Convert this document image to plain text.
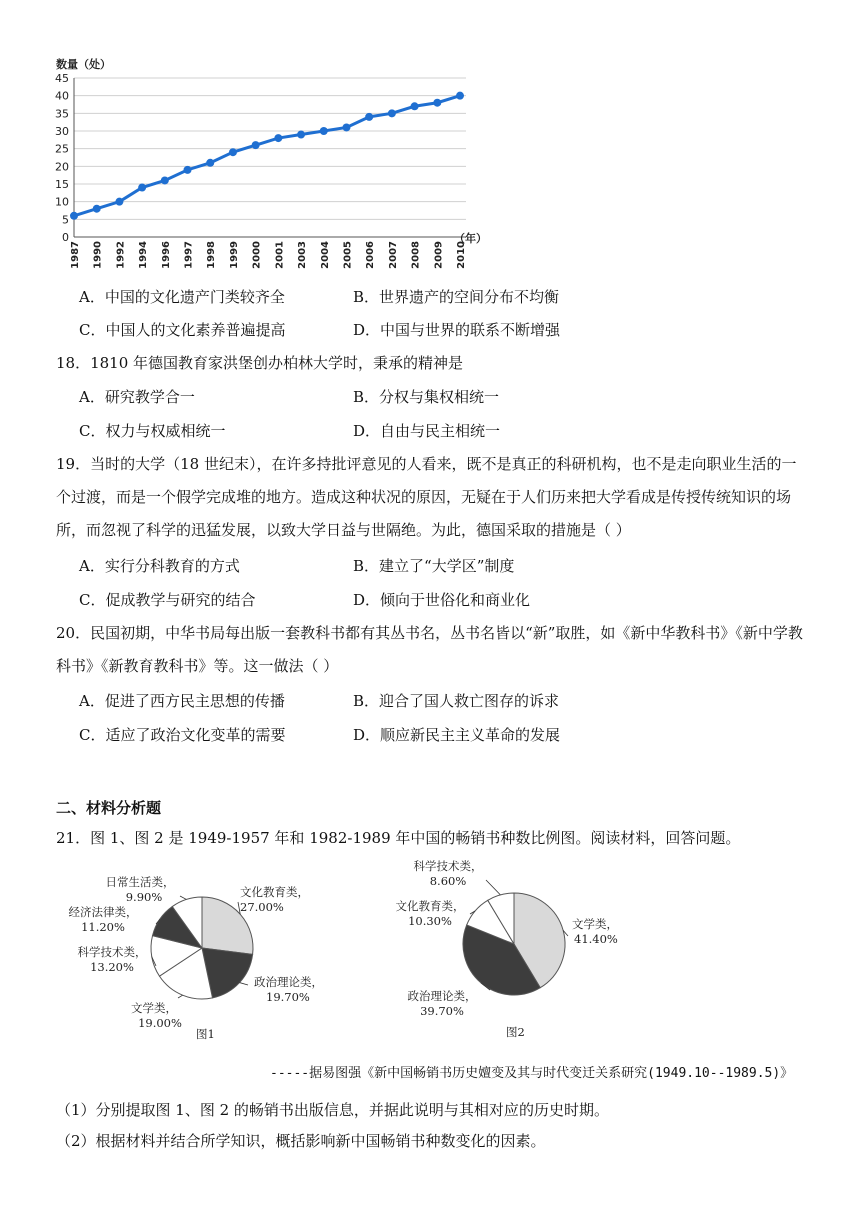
0
5
10
15
20
25
30
35
40
45
1987 1990 1992 1994 1996 1997 1998 1999 2000 2001 2003 2004 2005 2006 2007 2008 2009 2010
数量（处）
（年）
A．中国的文化遗产门类较齐全	B．世界遗产的空间分布不均衡
C．中国人的文化素养普遍提高	D．中国与世界的联系不断增强
18．1810 年德国教育家洪堡创办柏林大学时，秉承的精神是
A．研究教学合一	B．分权与集权相统一
C．权力与权威相统一	D．自由与民主相统一
19．当时的大学（18 世纪末），在许多持批评意见的人看来，既不是真正的科研机构，也不是走向职业生活的一个过渡，而是一个假学完成堆的地方。造成这种状况的原因，无疑在于人们历来把大学看成是传授传统知识的场所，而忽视了科学的迅猛发展，以致大学日益与世隔绝。为此，德国采取的措施是（ ）
A．实行分科教育的方式	B．建立了“大学区”制度
C．促成教学与研究的结合	D．倾向于世俗化和商业化
20．民国初期，中华书局每出版一套教科书都有其丛书名，丛书名皆以“新”取胜，如《新中华教科书》《新中学教科书》《新教育教科书》等。这一做法（ ）
A．促进了西方民主思想的传播	B．迎合了国人救亡图存的诉求
C．适应了政治文化变革的需要	D．顺应新民主主义革命的发展
二、材料分析题
21．图 1、图 2 是 1949-1957 年和 1982-1989 年中国的畅销书种数比例图。阅读材料，回答问题。
文化教育类，
27.00%
政治理论类，
19.70%
文学类，
19.00%
科学技术类，
13.20%
经济法律类，
11.20%
日常生活类，
9.90%
图1
文学类，
41.40%
政治理论类，
39.70%
文化教育类，
10.30%
科学技术类，
8.60%
图2
-----据易图强《新中国畅销书历史嬗变及其与时代变迁关系研究(1949.10--1989.5)》
（1）分别提取图 1、图 2 的畅销书出版信息，并据此说明与其相对应的历史时期。
（2）根据材料并结合所学知识，概括影响新中国畅销书种数变化的因素。
